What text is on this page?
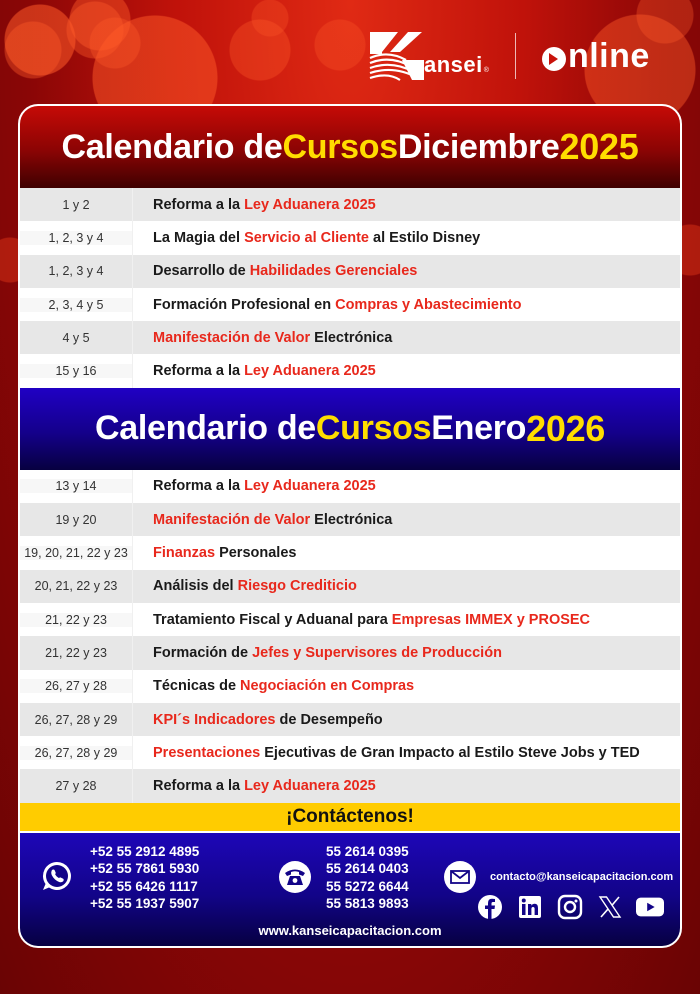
ansei ® nline
Calendario de Cursos Diciembre 2025
1 y 2	Reforma a la Ley Aduanera 2025
1, 2, 3 y 4	La Magia del Servicio al Cliente al Estilo Disney
1, 2, 3 y 4	Desarrollo de Habilidades Gerenciales
2, 3, 4 y 5	Formación Profesional en Compras y Abastecimiento
4 y 5	Manifestación de Valor Electrónica
15 y 16	Reforma a la Ley Aduanera 2025
Calendario de Cursos Enero 2026
13 y 14	Reforma a la Ley Aduanera 2025
19 y 20	Manifestación de Valor Electrónica
19, 20, 21, 22 y 23 Finanzas Personales
20, 21, 22 y 23	Análisis del Riesgo Crediticio
21, 22 y 23	Tratamiento Fiscal y Aduanal para Empresas IMMEX y PROSEC
21, 22 y 23	Formación de Jefes y Supervisores de Producción
26, 27 y 28	Técnicas de Negociación en Compras
26, 27, 28 y 29	KPI´s Indicadores de Desempeño
26, 27, 28 y 29	Presentaciones Ejecutivas de Gran Impacto al Estilo Steve Jobs y TED
27 y 28	Reforma a la Ley Aduanera 2025
¡Contáctenos!
+52 55 2912 4895
+52 55 7861 5930
+52 55 6426 1117
+52 55 1937 5907
55 2614 0395
55 2614 0403
55 5272 6644
55 5813 9893
contacto@kanseicapacitacion.com
www.kanseicapacitacion.com
